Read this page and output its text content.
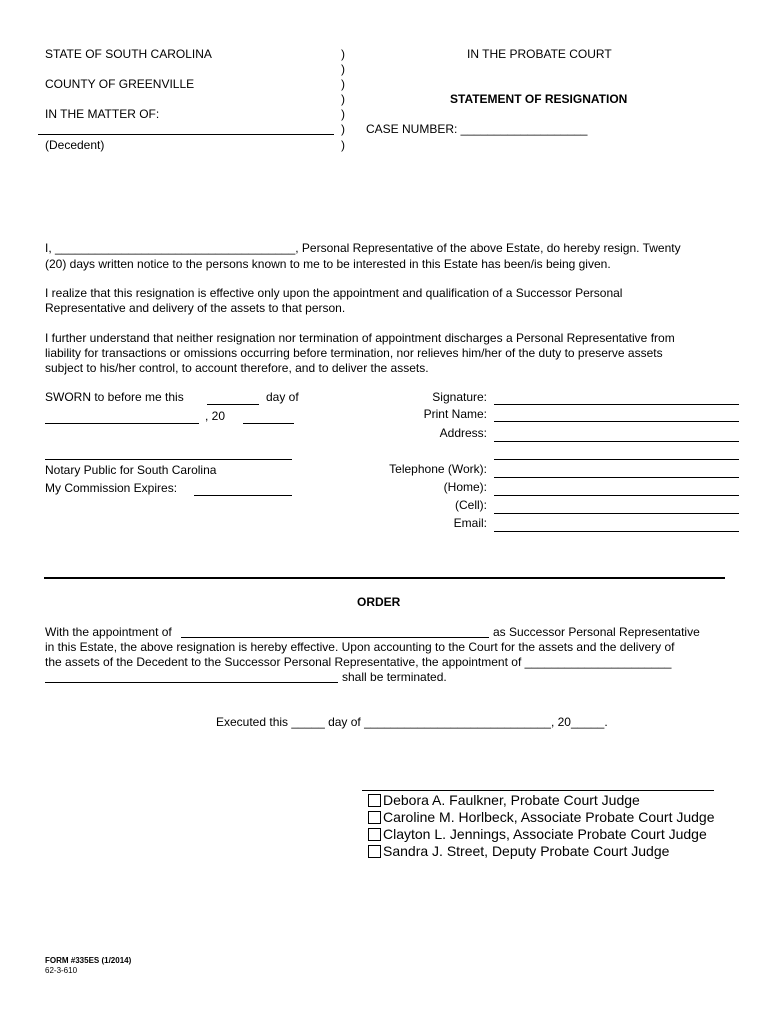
STATE OF SOUTH CAROLINA
COUNTY OF GREENVILLE
IN THE MATTER OF:
(Decedent)
)
)
)
)
)
)
)
IN THE PROBATE COURT
STATEMENT OF RESIGNATION
CASE NUMBER: ___________________
I, ____________________________________, Personal Representative of the above Estate, do hereby resign. Twenty
(20) days written notice to the persons known to me to be interested in this Estate has been/is being given.
I realize that this resignation is effective only upon the appointment and qualification of a Successor Personal
Representative and delivery of the assets to that person.
I further understand that neither resignation nor termination of appointment discharges a Personal Representative from
liability for transactions or omissions occurring before termination, nor relieves him/her of the duty to preserve assets
subject to his/her control, to account therefore, and to deliver the assets.
SWORN to before me this	day of
, 20
Notary Public for South Carolina
My Commission Expires:
Signature:
Print Name:
Address:
Telephone (Work):
(Home):
(Cell):
Email:
ORDER
With the appointment of	as Successor Personal Representative
in this Estate, the above resignation is hereby effective. Upon accounting to the Court for the assets and the delivery of
the assets of the Decedent to the Successor Personal Representative, the appointment of ______________________
shall be terminated.
Executed this _____ day of ____________________________, 20_____.
Debora A. Faulkner, Probate Court Judge
Caroline M. Horlbeck, Associate Probate Court Judge
Clayton L. Jennings, Associate Probate Court Judge
Sandra J. Street, Deputy Probate Court Judge
FORM #335ES (1/2014)
62-3-610
